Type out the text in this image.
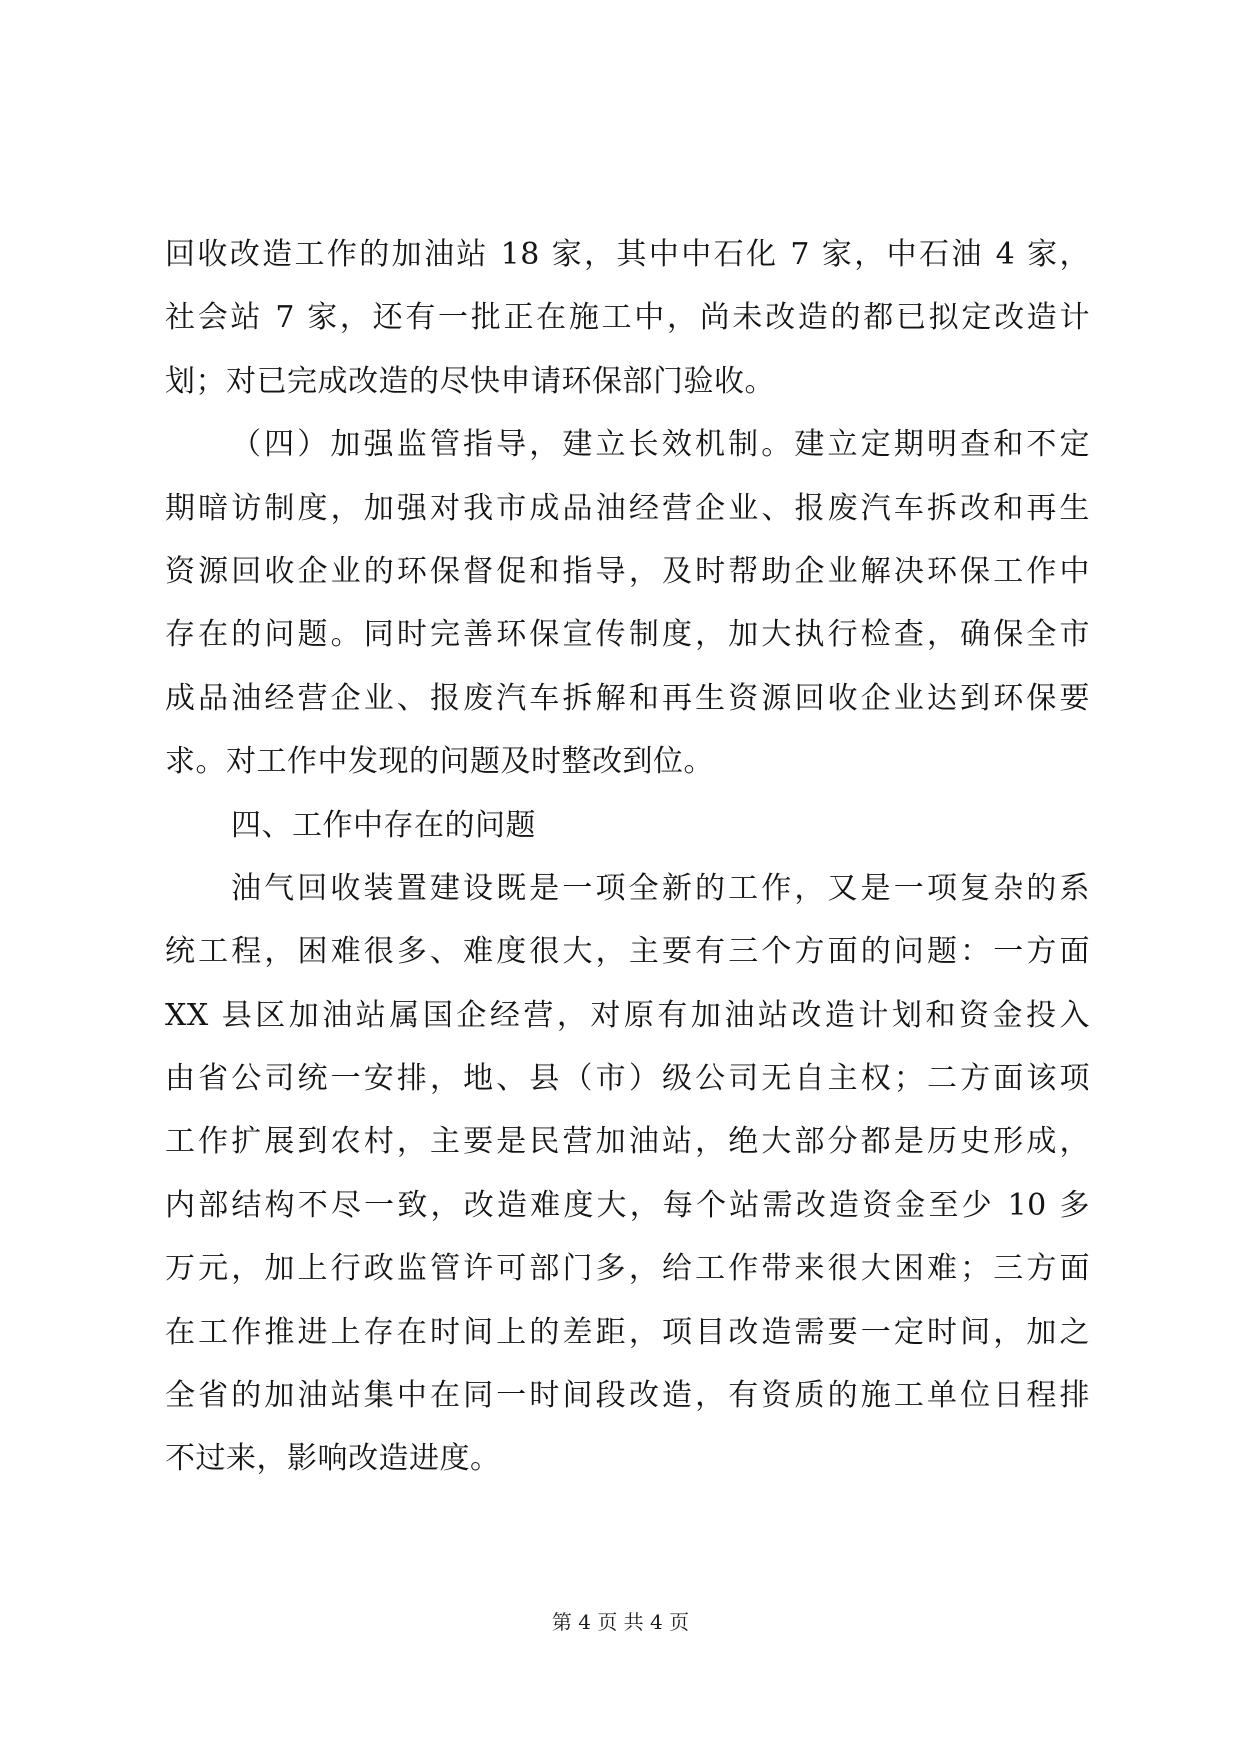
回收改造工作的加油站 18 家，其中中石化 7 家，中石油 4 家，
社会站 7 家，还有一批正在施工中，尚未改造的都已拟定改造计
划；对已完成改造的尽快申请环保部门验收。
（四）加强监管指导，建立长效机制。建立定期明查和不定
期暗访制度，加强对我市成品油经营企业、报废汽车拆改和再生
资源回收企业的环保督促和指导，及时帮助企业解决环保工作中
存在的问题。同时完善环保宣传制度，加大执行检查，确保全市
成品油经营企业、报废汽车拆解和再生资源回收企业达到环保要
求。对工作中发现的问题及时整改到位。
四、工作中存在的问题
油气回收装置建设既是一项全新的工作，又是一项复杂的系
统工程，困难很多、难度很大，主要有三个方面的问题：一方面
XX 县区加油站属国企经营，对原有加油站改造计划和资金投入
由省公司统一安排，地、县（市）级公司无自主权；二方面该项
工作扩展到农村，主要是民营加油站，绝大部分都是历史形成，
内部结构不尽一致，改造难度大，每个站需改造资金至少 10 多
万元，加上行政监管许可部门多，给工作带来很大困难；三方面
在工作推进上存在时间上的差距，项目改造需要一定时间，加之
全省的加油站集中在同一时间段改造，有资质的施工单位日程排
不过来，影响改造进度。
第 4 页 共 4 页
